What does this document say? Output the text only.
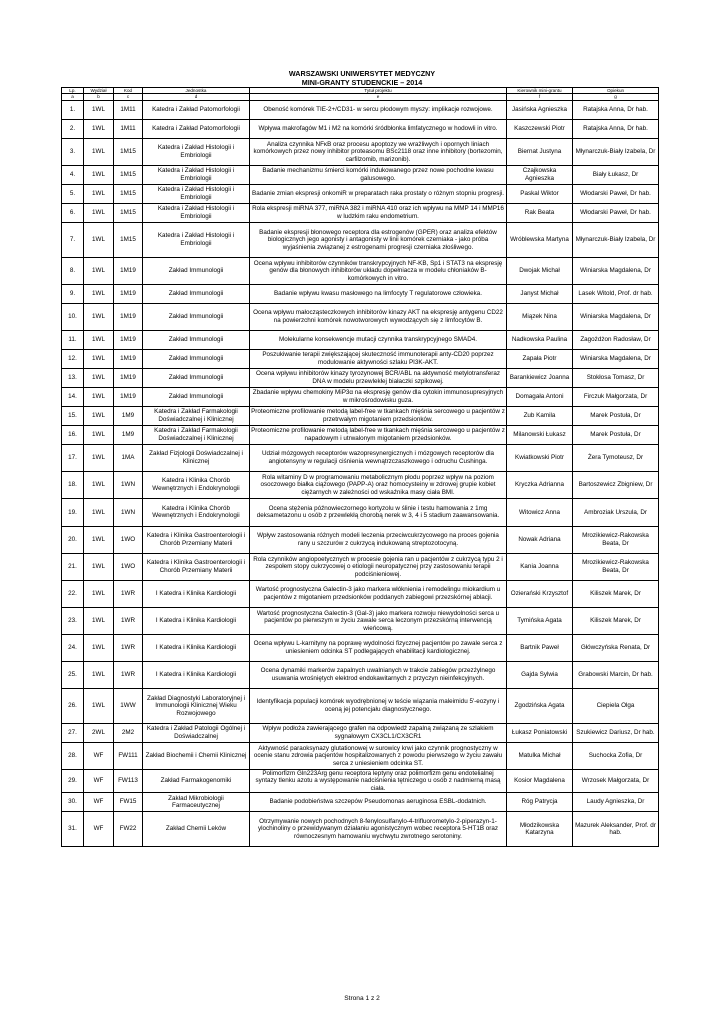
WARSZAWSKI UNIWERSYTET MEDYCZNY
MINI-GRANTY STUDENCKIE – 2014
Lp.	Wydział	Kod	Jednostka	Tytuł projektu	Kierownik mini-grantu	Opiekun
a	b	c	d	e	f	g
1.	1WL	1M11	Katedra i Zakład Patomorfologii	Obeność komórek TIE-2+/CD31- w sercu płodowym myszy: implikacje rozwojowe.	Jasińska Agnieszka	Ratajska Anna, Dr hab.
2.	1WL	1M11	Katedra i Zakład Patomorfologii	Wpływa makrofagów M1 i M2 na komórki śródbłonka limfatycznego w hodowli in vitro.	Kaszczewski Piotr	Ratajska Anna, Dr hab.
3.	1WL	1M15	Katedra i Zakład Histologii i Embriologii	Analiza czynnika NFκB oraz procesu apoptozy we wrażliwych i opornych liniach komórkowych przez nowy inhibitor proteasomu BSc2118 oraz inne inhibitory (bortezomin, carfilzomib, marizonib).	Biernat Justyna	Młynarczuk-Biały Izabela, Dr
4.	1WL	1M15	Katedra i Zakład Histologii i Embriologii	Badanie mechanizmu śmierci komórki indukowanego przez nowe pochodne kwasu galusowego.	Czajkowska Agnieszka	Biały Łukasz, Dr
5.	1WL	1M15	Katedra i Zakład Histologii i Embriologii	Badanie zmian ekspresji onkomiR w preparatach raka prostaty o różnym stopniu progresji.	Paskal Wiktor	Włodarski Paweł, Dr hab.
6.	1WL	1M15	Katedra i Zakład Histologii i Embriologii	Rola ekspresji miRNA 377, miRNA 382 i miRNA 410 oraz ich wpływu na MMP 14 i MMP16 w ludzkim raku endometrium.	Rak Beata	Włodarski Paweł, Dr hab.
7.	1WL	1M15	Katedra i Zakład Histologii i Embriologii	Badanie ekspresji błonowego receptora dla estrogenów (GPER) oraz analiza efektów biologicznych jego agonisty i antagonisty w linii komórek czerniaka - jako próba wyjaśnienia związanej z estrogenami progresji czerniaka złośliwego.	Wróblewska Martyna	Młynarczuk-Biały Izabela, Dr
8.	1WL	1M19	Zakład Immunologii	Ocena wpływu inhibitorów czynników transkrypcyjnych NF-KB, Sp1 i STAT3 na ekspresję genów dla błonowych inhibitorów układu dopełniacza w modelu chłoniaków B-komórkowych in vitro.	Dwojak Michał	Winiarska Magdalena, Dr
9.	1WL	1M19	Zakład Immunologii	Badanie wpływu kwasu masłowego na limfocyty T regulatorowe człowieka.	Janyst Michał	Lasek Witold, Prof. dr hab.
10.	1WL	1M19	Zakład Immunologii	Ocena wpływu małocząsteczkowych inhibitorów kinazy AKT na ekspresję antygenu CD22 na powierzchni komórek nowotworowych wywodzących się z limfocytów B.	Miązek Nina	Winiarska Magdalena, Dr
11.	1WL	1M19	Zakład Immunologii	Molekularne konsekwencje mutacji czynnika transkrypcyjnego SMAD4.	Nadkowska Paulina	Zagożdżon Radosław, Dr
12.	1WL	1M19	Zakład Immunologii	Poszukiwanie terapii zwiększającej skuteczność immunoterapii anty-CD20 poprzez modulowanie aktywności szlaku PI3K-AKT.	Zapała Piotr	Winiarska Magdalena, Dr
13.	1WL	1M19	Zakład Immunologii	Ocena wpływu inhibitorów kinazy tyrozynowej BCR/ABL na aktywność metylotransferaz DNA w modelu przewlekłej białaczki szpikowej.	Barankiewicz Joanna	Stokłosa Tomasz, Dr
14.	1WL	1M19	Zakład Immunologii	Zbadanie wpływu chemokiny MiP3α na ekspresję genów dla cytokin immunosupresyjnych w mikrośrodowisku guza.	Domagała Antoni	Firczuk Małgorzata, Dr
15.	1WL	1M9	Katedra i Zakład Farmakologii Doświadczalnej i Klinicznej	Proteomiczne profilowanie metodą label-free w tkankach mięśnia sercowego u pacjentów z przetrwałym migotaniem przedsionków.	Zub Kamila	Marek Postuła, Dr
16.	1WL	1M9	Katedra i Zakład Farmakologii Doświadczalnej i Klinicznej	Proteomiczne profilowanie metodą label-free w tkankach mięśnia sercowego u pacjentów z napadowym i utrwalonym migotaniem przedsionków.	Milanowski Łukasz	Marek Postuła, Dr
17.	1WL	1MA	Zakład Fizjologii Doświadczalnej i Klinicznej	Udział mózgowych receptorów wazopresynergicznych i mózgowych receptorów dla angiotensyny w regulacji ciśnienia wewnątrzczaszkowego i odruchu Cushinga.	Kwiatkowski Piotr	Żera Tymoteusz, Dr
18.	1WL	1WN	Katedra i Klinika Chorób Wewnętrznych i Endokrynologii	Rola witaminy D w programowaniu metabolicznym płodu poprzez wpływ na poziom osoczowego białka ciążowego (PAPP-A) oraz homocysteiny w zdrowej grupie kobiet ciężarnych w zależności od wskaźnika masy ciała BMI.	Kryczka Adrianna	Bartoszewicz Zbigniew, Dr
19.	1WL	1WN	Katedra i Klinika Chorób Wewnętrznych i Endokrynologii	Ocena stężenia późnowieczornego kortyzolu w ślinie i testu hamowania z 1mg deksametazonu u osób z przewlekłą chorobą nerek w 3, 4 i 5 stadium zaawansowania.	Witowicz Anna	Ambroziak Urszula, Dr
20.	1WL	1WO	Katedra i Klinika Gastroenterologii i Chorób Przemiany Materii	Wpływ zastosowania różnych modeli leczenia przeciwcukrzycowego na proces gojenia rany u szczurów z cukrzycą indukowaną streptozotocyną.	Nowak Adriana	Mrozikiewicz-Rakowska Beata, Dr
21.	1WL	1WO	Katedra i Klinika Gastroenterologii i Chorób Przemiany Materii	Rola czynników angiopoetycznych w procesie gojenia ran u pacjentów z cukrzycą typu 2 i zespołem stopy cukrzycowej o etiologii neuropatycznej przy zastosowaniu terapii podciśnieniowej.	Kania Joanna	Mrozikiewicz-Rakowska Beata, Dr
22.	1WL	1WR	I Katedra i Klinika Kardiologii	Wartość prognostyczna Galectin-3 jako markera włóknienia i remodelingu miokardium u pacjentów z migotaniem przedsionków poddanych zabiegowi przezskórnej ablacji.	Ozierański Krzysztof	Kiliszek Marek, Dr
23.	1WL	1WR	I Katedra i Klinika Kardiologii	Wartość prognostyczna Galectin-3 (Gal-3) jako markera rozwoju niewydolności serca u pacjentów po pierwszym w życiu zawale serca leczonym przezskórną interwencją wieńcową.	Tymińska Agata	Kiliszek Marek, Dr
24.	1WL	1WR	I Katedra i Klinika Kardiologii	Ocena wpływu L-karnityny na poprawę wydolności fizycznej pacjentów po zawale serca z uniesieniem odcinka ST podlegających ehabilitacji kardiologicznej.	Bartnik Paweł	Główczyńska Renata, Dr
25.	1WL	1WR	I Katedra i Klinika Kardiologii	Ocena dynamiki markerów zapalnych uwalnianych w trakcie zabiegów przezżylnego usuwania wrośniętych elektrod endokawitarnych z przyczyn nieinfekcyjnych.	Gajda Sylwia	Grabowski Marcin, Dr hab.
26.	1WL	1WW	Zakład Diagnostyki Laboratoryjnej i Immunologii Klinicznej Wieku Rozwojowego	Identyfikacja populacji komórek wyodrębnionej w teście wiązania maleimidu 5'-eozyny i oceną jej potencjału diagnostycznego.	Zgodzińska Agata	Ciepiela Olga
27.	2WL	2M2	Katedra i Zakład Patologii Ogólnej i Doświadczalnej	Wpływ podłoża zawierającego grafen na odpowiedź zapalną związaną ze szlakiem sygnałowym CX3CL1/CX3CR1	Łukasz Poniatowski	Szukiewicz Dariusz, Dr hab.
28.	WF	FW111	Zakład Biochemii i Chemii Klinicznej	Aktywność paraoksynazy glutationowej w surowicy krwi jako czynnik prognostyczny w ocenie stanu zdrowia pacjentów hospitalizowanych z powodu pierwszego w życiu zawału serca z uniesieniem odcinka ST.	Matulka Michał	Suchocka Zofia, Dr
29.	WF	FW113	Zakład Farmakogenomiki	Polimorfizm Gln223Arg genu receptora leptyny oraz polimorfizm genu endotelialnej syntazy tlenku azotu a występowanie nadciśnienia tętniczego u osób z nadmierną masą ciała.	Kosior Magdalena	Wrzosek Małgorzata, Dr
30.	WF	FW15	Zakład Mikrobiologii Farmaceutycznej	Badanie podobieństwa szczepów Pseudomonas aeruginosa ESBL-dodatnich.	Róg Patrycja	Laudy Agnieszka, Dr
31.	WF	FW22	Zakład Chemii Leków	Otrzymywanie nowych pochodnych 8-fenylosulfanylo-4-trifluorometylo-2-piperazyn-1-ylochinoliny o przewidywanym działaniu agonistycznym wobec receptora 5-HT1B oraz równoczesnym hamowaniu wychwytu zwrotnego serotoniny.	Młodzikowska Katarzyna	Mazurek Aleksander, Prof. dr hab.
Strona 1 z 2
